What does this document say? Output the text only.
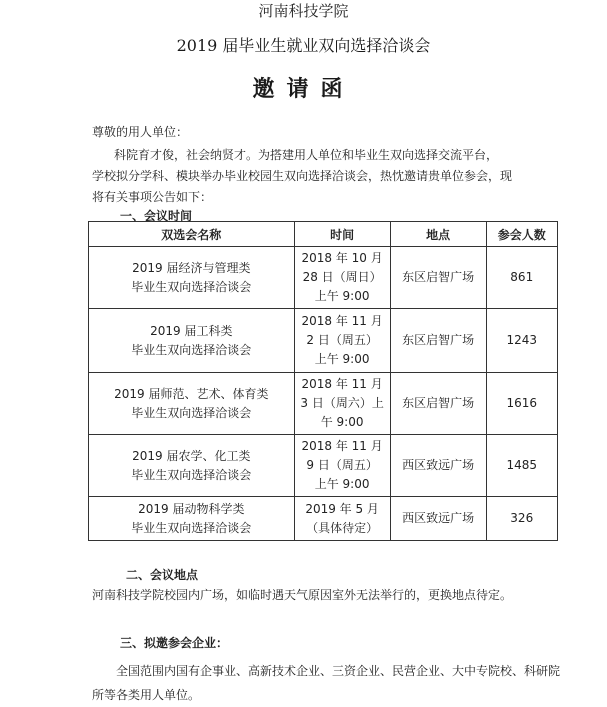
河南科技学院
2019 届毕业生就业双向选择洽谈会
邀请函
尊敬的用人单位：
科院育才俊，社会纳贤才。为搭建用人单位和毕业生双向选择交流平台，
学校拟分学科、模块举办毕业校园生双向选择洽谈会，热忱邀请贵单位参会，现
将有关事项公告如下：
一、会议时间
双选会名称	时间	地点	参会人数

2019 届经济与管理类
毕业生双向选择洽谈会	2018 年 10 月
28 日（周日）
上午 9:00	东区启智广场	861

2019 届工科类
毕业生双向选择洽谈会	2018 年 11 月
2 日（周五）
上午 9:00	东区启智广场	1243

2019 届师范、艺术、体育类
毕业生双向选择洽谈会	2018 年 11 月
3 日（周六）上
午 9:00	东区启智广场	1616

2019 届农学、化工类
毕业生双向选择洽谈会	2018 年 11 月
9 日（周五）
上午 9:00	西区致远广场	1485

2019 届动物科学类
毕业生双向选择洽谈会	2019 年 5 月
（具体待定）	西区致远广场	326
二、会议地点
河南科技学院校园内广场，如临时遇天气原因室外无法举行的，更换地点待定。
三、拟邀参会企业：
全国范围内国有企事业、高新技术企业、三资企业、民营企业、大中专院校、科研院所等各类用人单位。
